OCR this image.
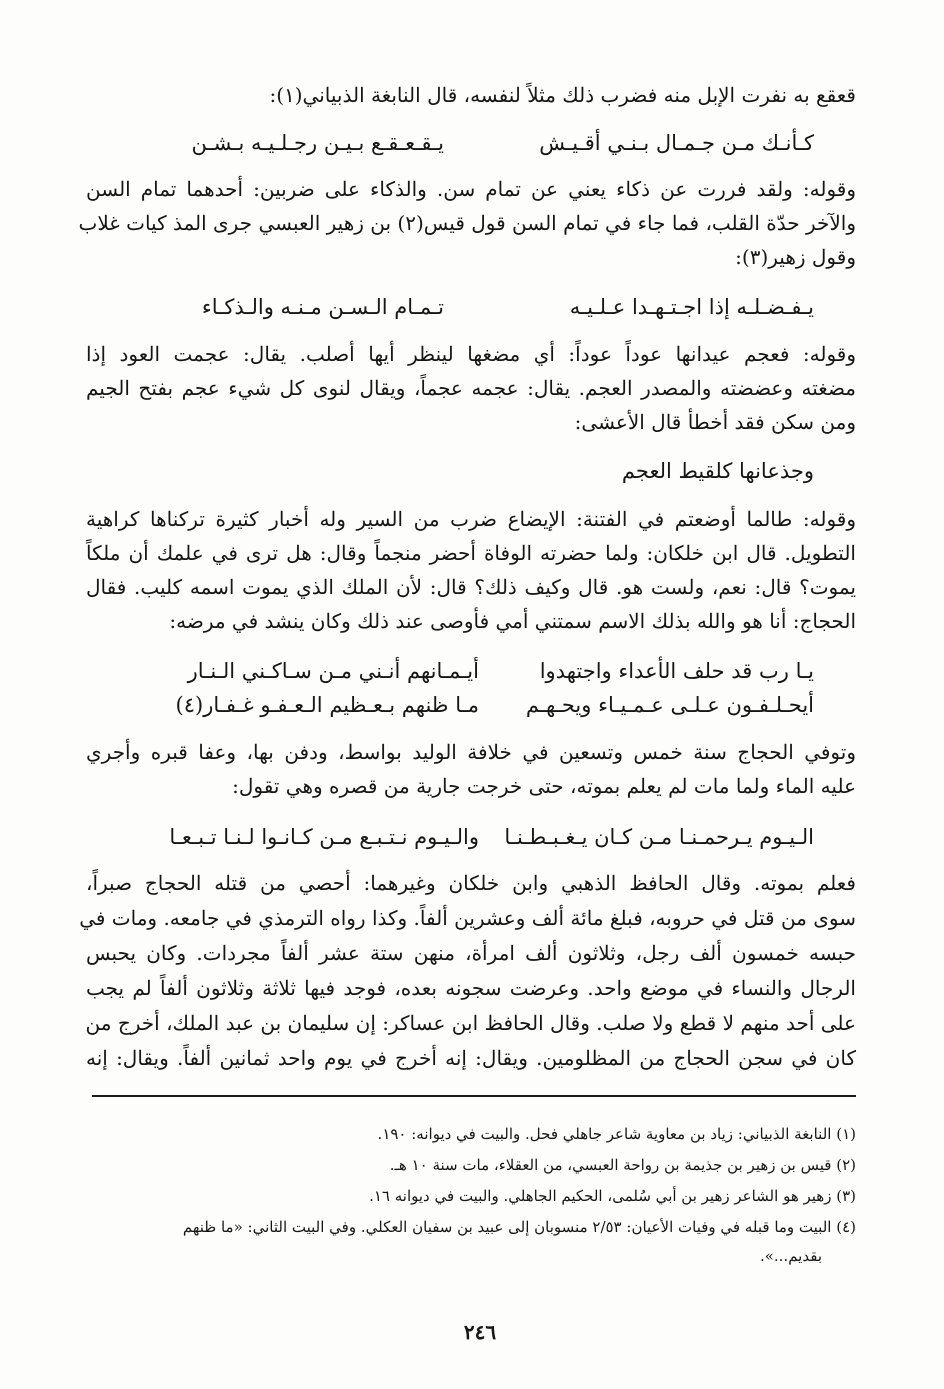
قعقع به نفرت الإبل منه فضرب ذلك مثلاً لنفسه، قال النابغة الذبياني(١):
كـأنـك مـن جـمـال بـنـي أقـيـش
يـقـعـقـع بـيـن رجـلـيـه بـشـن
وقوله: ولقد فررت عن ذكاء يعني عن تمام سن. والذكاء على ضربين: أحدهما تمام السن
والآخر حدّة القلب، فما جاء في تمام السن قول قيس(٢) بن زهير العبسي جرى المذ كيات غلاب
وقول زهير(٣):
يـفـضـلـه إذا اجـتـهـدا عـلـيـه
تـمـام الـسـن مـنـه والـذكـاء
وقوله: فعجم عيدانها عوداً عوداً: أي مضغها لينظر أيها أصلب. يقال: عجمت العود إذا
مضغته وعضضته والمصدر العجم. يقال: عجمه عجماً، ويقال لنوى كل شيء عجم بفتح الجيم
ومن سكن فقد أخطأ قال الأعشى:
وجذعانها كلقيط العجم
وقوله: طالما أوضعتم في الفتنة: الإيضاع ضرب من السير وله أخبار كثيرة تركناها كراهية
التطويل. قال ابن خلكان: ولما حضرته الوفاة أحضر منجماً وقال: هل ترى في علمك أن ملكاً
يموت؟ قال: نعم، ولست هو. قال وكيف ذلك؟ قال: لأن الملك الذي يموت اسمه كليب. فقال
الحجاج: أنا هو والله بذلك الاسم سمتني أمي فأوصى عند ذلك وكان ينشد في مرضه:
يـا رب قد حلف الأعداء واجتهدوا
أيـمـانهم أنـني مـن سـاكـني الـنـار
أيحـلـفـون عـلـى عـمـيـاء ويحـهـم
مـا ظنهم بـعـظيم الـعـفـو غـفـار(٤)
وتوفي الحجاج سنة خمس وتسعين في خلافة الوليد بواسط، ودفن بها، وعفا قبره وأجري
عليه الماء ولما مات لم يعلم بموته، حتى خرجت جارية من قصره وهي تقول:
الـيـوم يـرحمـنـا مـن كـان يـغـبـطـنـا
والـيـوم نـتـبـع مـن كـانـوا لـنـا تـبـعـا
فعلم بموته. وقال الحافظ الذهبي وابن خلكان وغيرهما: أحصي من قتله الحجاج صبراً،
سوى من قتل في حروبه، فبلغ مائة ألف وعشرين ألفاً. وكذا رواه الترمذي في جامعه. ومات في
حبسه خمسون ألف رجل، وثلاثون ألف امرأة، منهن ستة عشر ألفاً مجردات. وكان يحبس
الرجال والنساء في موضع واحد. وعرضت سجونه بعده، فوجد فيها ثلاثة وثلاثون ألفاً لم يجب
على أحد منهم لا قطع ولا صلب. وقال الحافظ ابن عساكر: إن سليمان بن عبد الملك، أخرج من
كان في سجن الحجاج من المظلومين. ويقال: إنه أخرج في يوم واحد ثمانين ألفاً. ويقال: إنه
(١) النابغة الذبياني: زياد بن معاوية شاعر جاهلي فحل. والبيت في ديوانه: ١٩٠.
(٢) قيس بن زهير بن جذيمة بن رواحة العبسي، من العقلاء، مات سنة ١٠ هـ.
(٣) زهير هو الشاعر زهير بن أبي سُلمى، الحكيم الجاهلي. والبيت في ديوانه ١٦.
(٤) البيت وما قبله في وفيات الأعيان: ٢/٥٣ منسوبان إلى عبيد بن سفيان العكلي. وفي البيت الثاني: «ما ظنهم
بقديم...».
٢٤٦
